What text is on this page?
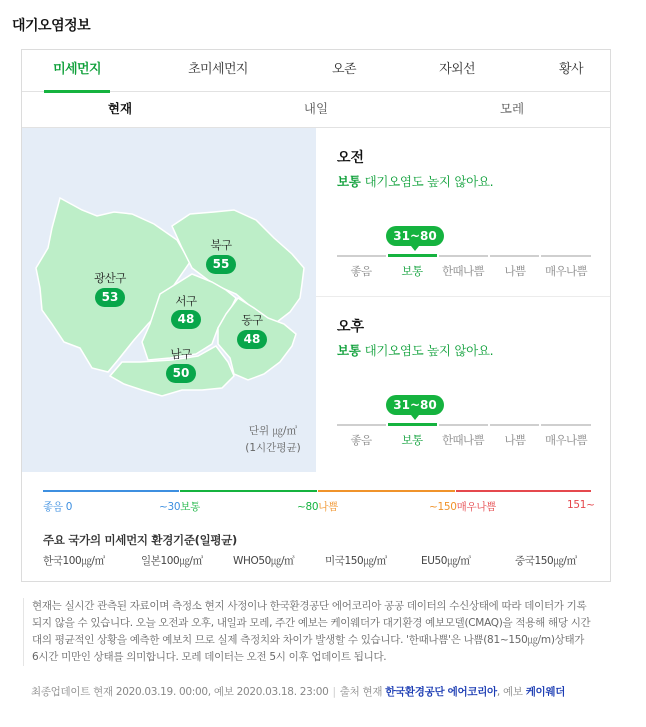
대기오염정보
미세먼지	초미세먼지	오존	자외선	황사
현재	내일	모레
광산구
53
북구
55
서구
48	동구
48
남구
50
단위 ㎍/㎥
(1시간평균)
오전
보통 대기오염도 높지 않아요.
31~80
좋음	보통	한때나쁨	나쁨	매우나쁨
오후
보통 대기오염도 높지 않아요.
31~80
좋음	보통	한때나쁨	나쁨	매우나쁨
좋음 0	~30보통	~80나쁨	~150매우나쁨	151~
주요 국가의 미세먼지 환경기준(일평균)
한국100㎍/㎥	일본100㎍/㎥	WHO50㎍/㎥	미국150㎍/㎥	EU50㎍/㎥	중국150㎍/㎥
현재는 실시간 관측된 자료이며 측정소 현지 사정이나 한국환경공단 에어코리아 공공 데이터의 수신상태에 따라 데이터가 기록되지 않을 수 있습니다. 오늘 오전과 오후, 내일과 모레, 주간 예보는 케이웨더가 대기환경 예보모델(CMAQ)을 적용해 해당 시간대의 평균적인 상황을 예측한 예보치 므로 실제 측정치와 차이가 발생할 수 있습니다. '한때나쁨'은 나쁨(81~150㎍/m)상태가 6시간 미만인 상태를 의미합니다. 모레 데이터는 오전 5시 이후 업데이트 됩니다.
최종업데이트 현재 2020.03.19. 00:00, 예보 2020.03.18. 23:00 | 출처 현재 한국환경공단 에어코리아, 예보 케이웨더
